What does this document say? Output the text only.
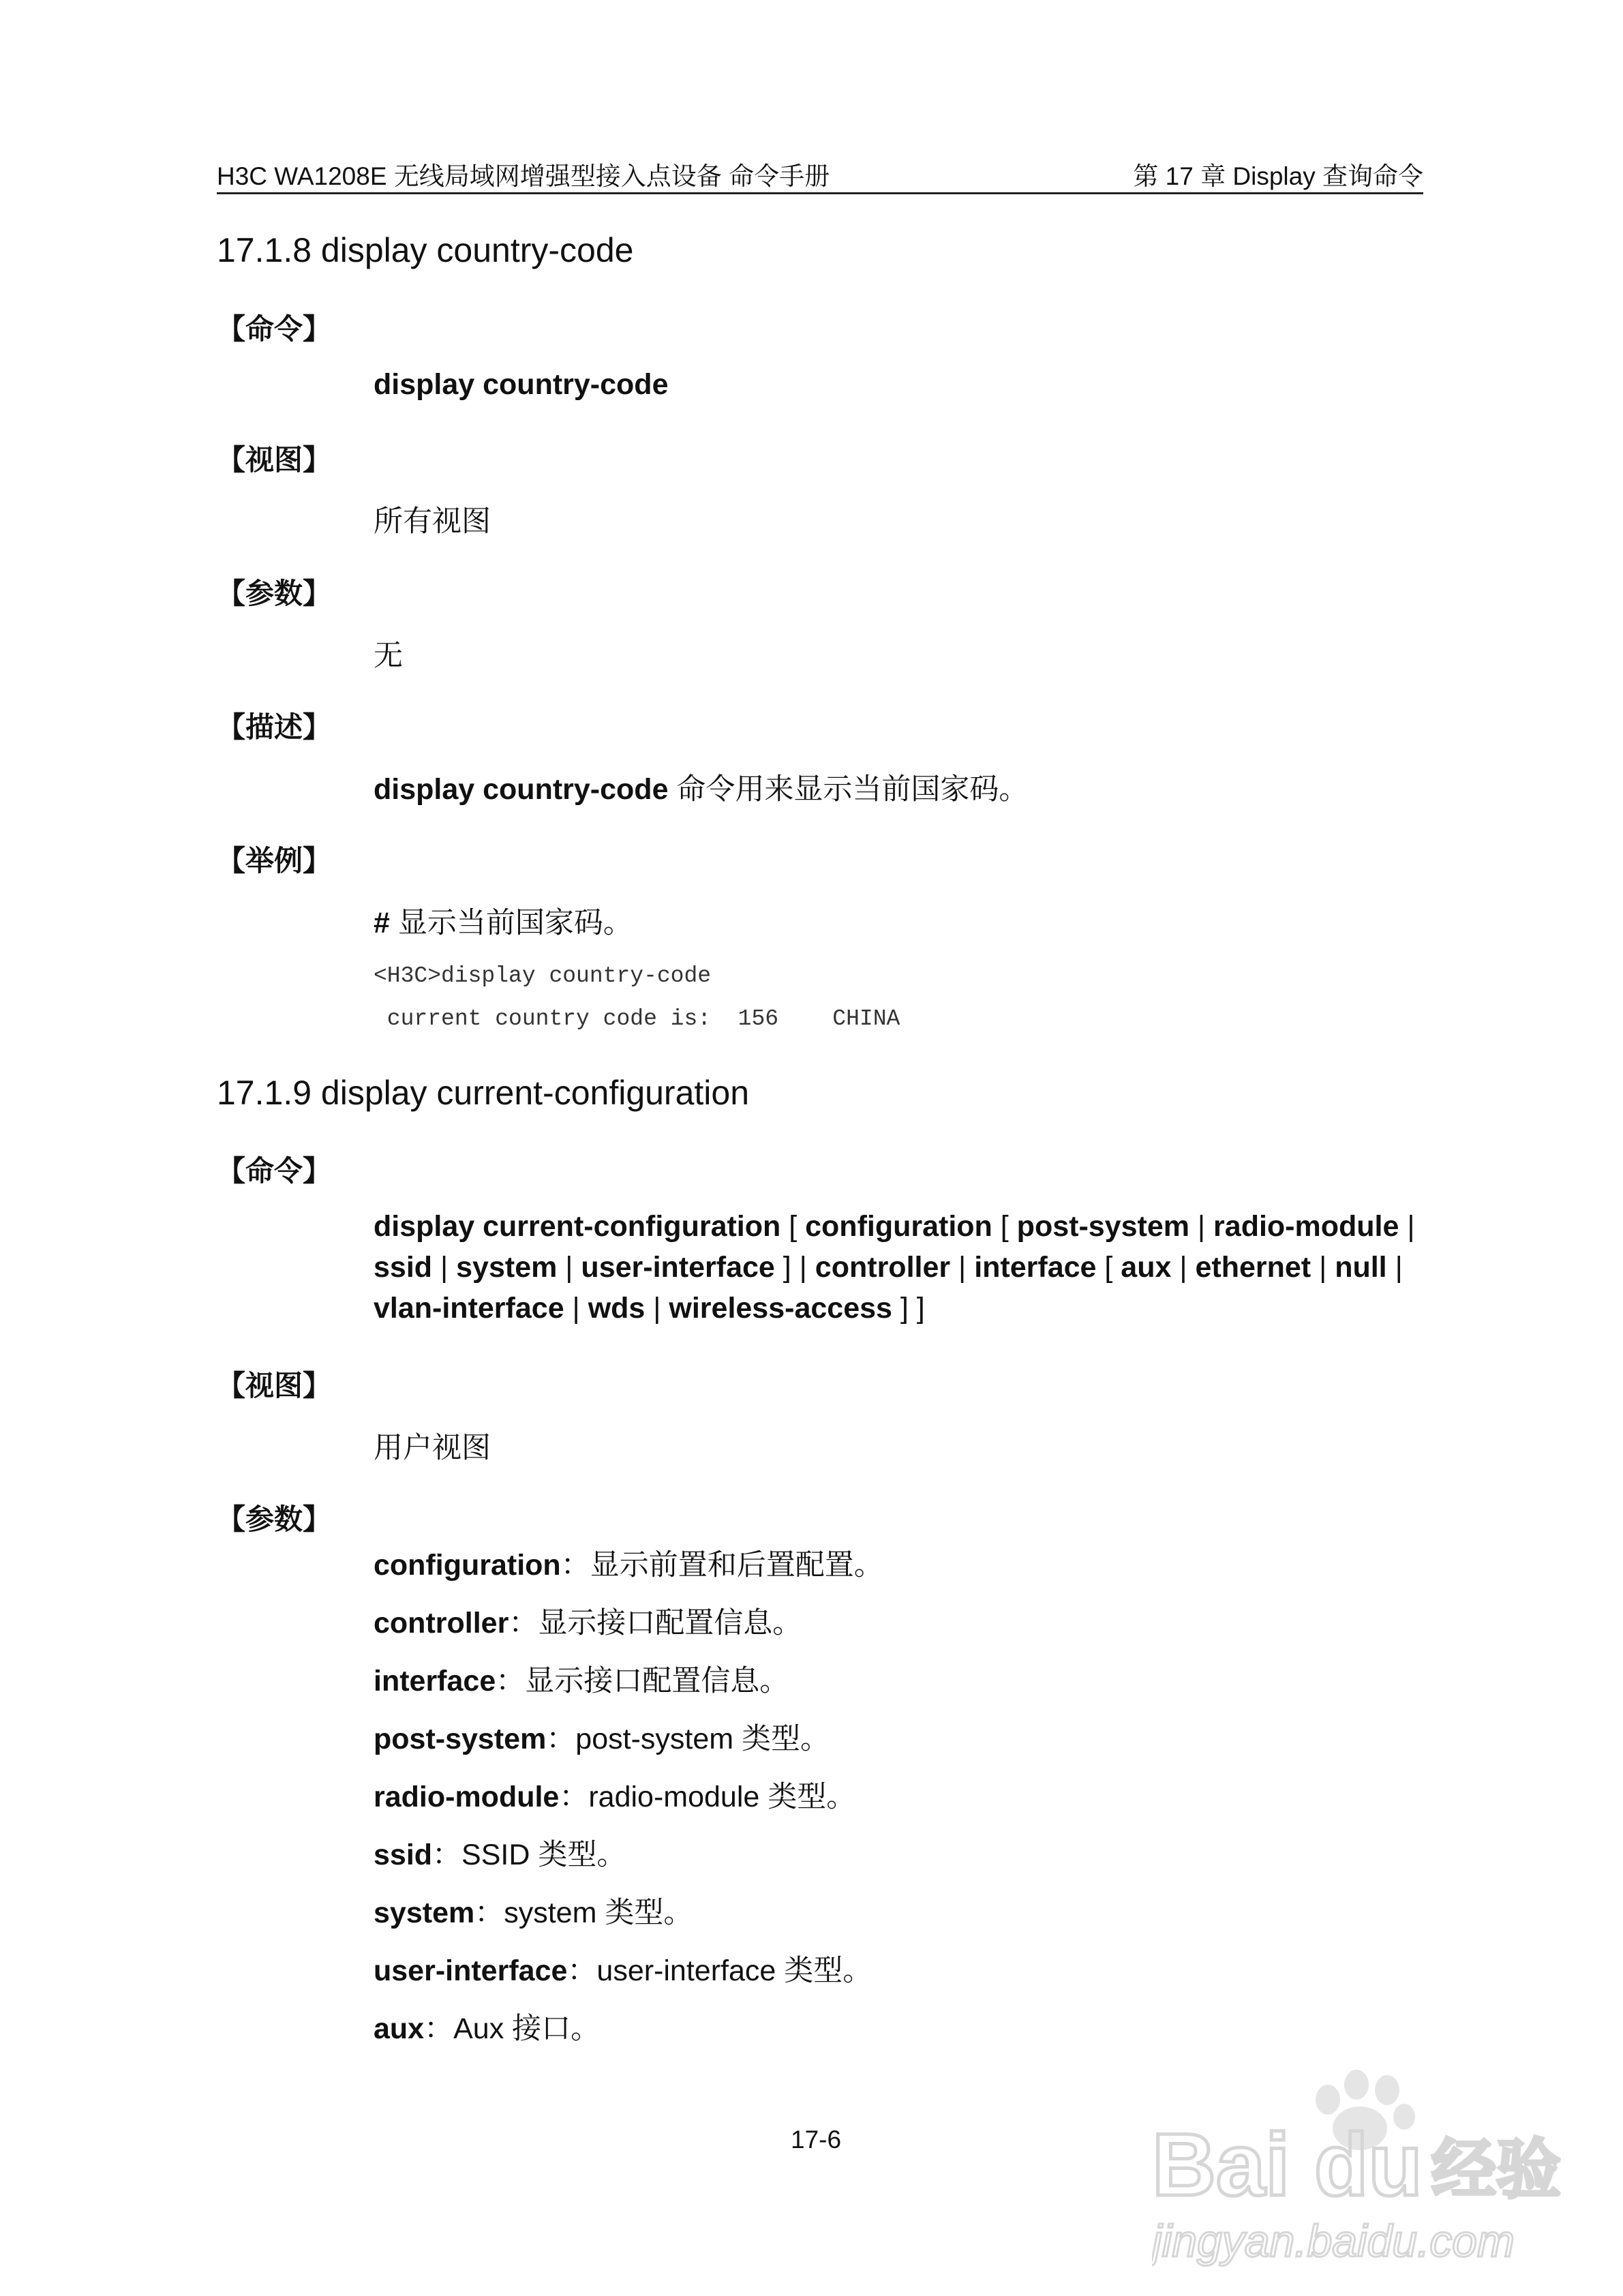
H3C WA1208E 无线局域网增强型接入点设备 命令手册	第 17 章 Display 查询命令
17.1.8 display country-code
【命令】
display country-code
【视图】
所有视图
【参数】
无
【描述】
display country-code 命令用来显示当前国家码。
【举例】
# 显示当前国家码。
<H3C>display country-code
current country code is:  156    CHINA
17.1.9 display current-configuration
【命令】
display current-configuration [ configuration [ post-system | radio-module |
ssid | system | user-interface ] | controller | interface [ aux | ethernet | null |
vlan-interface | wds | wireless-access ] ]
【视图】
用户视图
【参数】
configuration：显示前置和后置配置。
controller：显示接口配置信息。
interface：显示接口配置信息。
post-system：post-system 类型。
radio-module：radio-module 类型。
ssid：SSID 类型。
system：system 类型。
user-interface：user-interface 类型。
aux：Aux 接口。
17-6	Bai du 经验
jingyan.baidu.com
